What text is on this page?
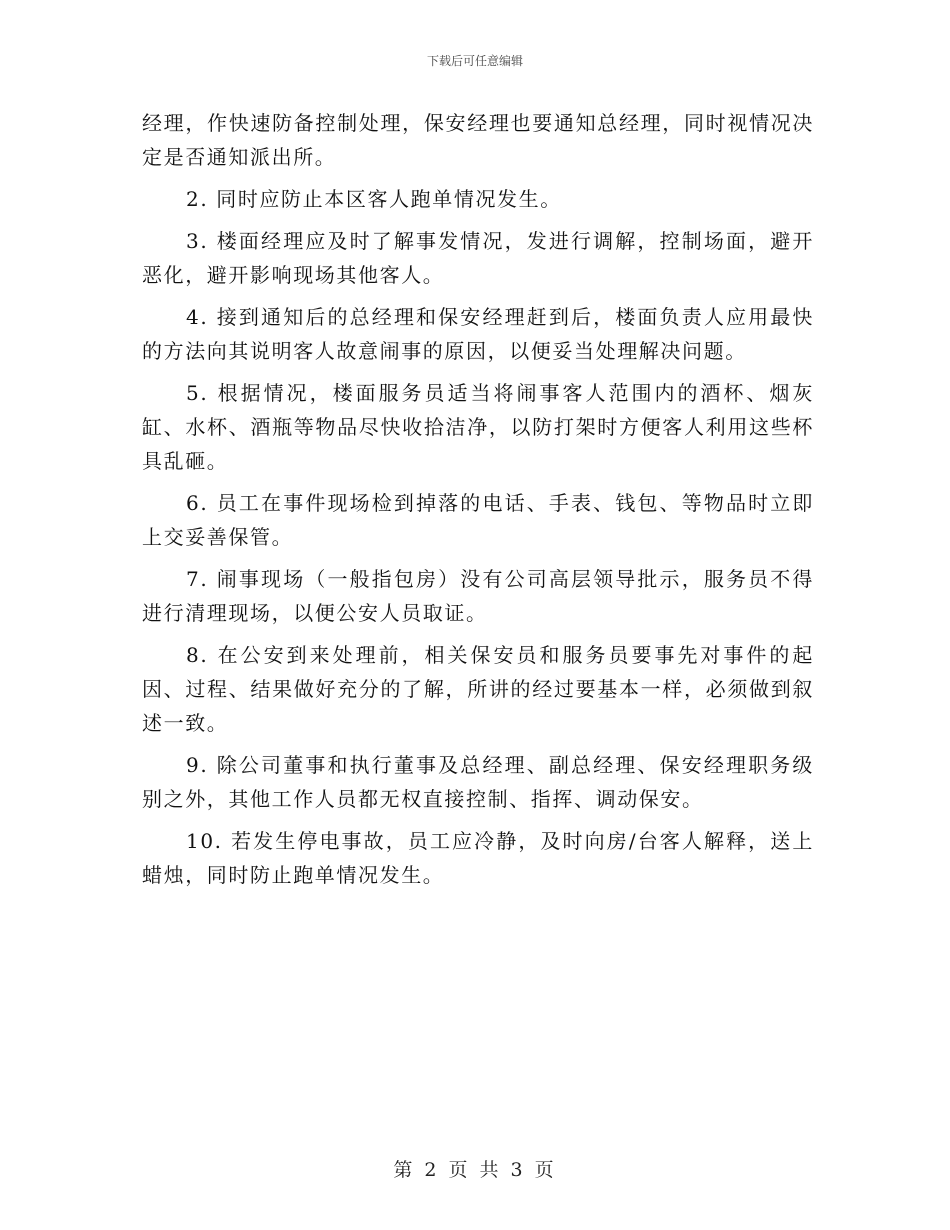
下载后可任意编辑

经理，作快速防备控制处理，保安经理也要通知总经理，同时视情况决定是否通知派出所。

2. 同时应防止本区客人跑单情况发生。

3. 楼面经理应及时了解事发情况，发进行调解，控制场面，避开恶化，避开影响现场其他客人。

4. 接到通知后的总经理和保安经理赶到后，楼面负责人应用最快的方法向其说明客人故意闹事的原因，以便妥当处理解决问题。

5. 根据情况，楼面服务员适当将闹事客人范围内的酒杯、烟灰缸、水杯、酒瓶等物品尽快收拾洁净，以防打架时方便客人利用这些杯具乱砸。

6. 员工在事件现场检到掉落的电话、手表、钱包、等物品时立即上交妥善保管。

7. 闹事现场（一般指包房）没有公司高层领导批示，服务员不得进行清理现场，以便公安人员取证。

8. 在公安到来处理前，相关保安员和服务员要事先对事件的起因、过程、结果做好充分的了解，所讲的经过要基本一样，必须做到叙述一致。

9. 除公司董事和执行董事及总经理、副总经理、保安经理职务级别之外，其他工作人员都无权直接控制、指挥、调动保安。

10. 若发生停电事故，员工应冷静，及时向房/台客人解释，送上蜡烛，同时防止跑单情况发生。

第 2 页 共 3 页
